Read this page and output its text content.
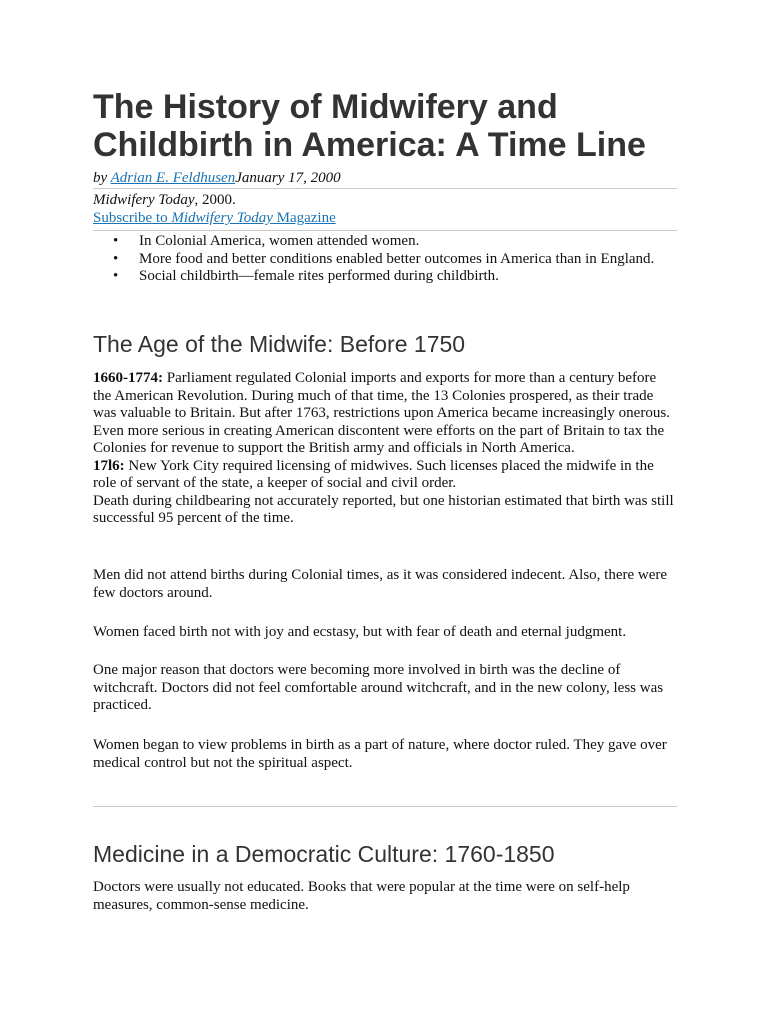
The History of Midwifery and Childbirth in America: A Time Line
by Adrian E. FeldhusenJanuary 17, 2000
Midwifery Today, 2000.
Subscribe to Midwifery Today Magazine
• In Colonial America, women attended women.
• More food and better conditions enabled better outcomes in America than in England.
• Social childbirth—female rites performed during childbirth.
The Age of the Midwife: Before 1750

1660-1774: Parliament regulated Colonial imports and exports for more than a century before the American Revolution. During much of that time, the 13 Colonies prospered, as their trade was valuable to Britain. But after 1763, restrictions upon America became increasingly onerous. Even more serious in creating American discontent were efforts on the part of Britain to tax the Colonies for revenue to support the British army and officials in North America.
17l6: New York City required licensing of midwives. Such licenses placed the midwife in the role of servant of the state, a keeper of social and civil order.
Death during childbearing not accurately reported, but one historian estimated that birth was still successful 95 percent of the time.

Men did not attend births during Colonial times, as it was considered indecent. Also, there were few doctors around.

Women faced birth not with joy and ecstasy, but with fear of death and eternal judgment.

One major reason that doctors were becoming more involved in birth was the decline of witchcraft. Doctors did not feel comfortable around witchcraft, and in the new colony, less was practiced.

Women began to view problems in birth as a part of nature, where doctor ruled. They gave over medical control but not the spiritual aspect.

Medicine in a Democratic Culture: 1760-1850

Doctors were usually not educated. Books that were popular at the time were on self-help measures, common-sense medicine.
